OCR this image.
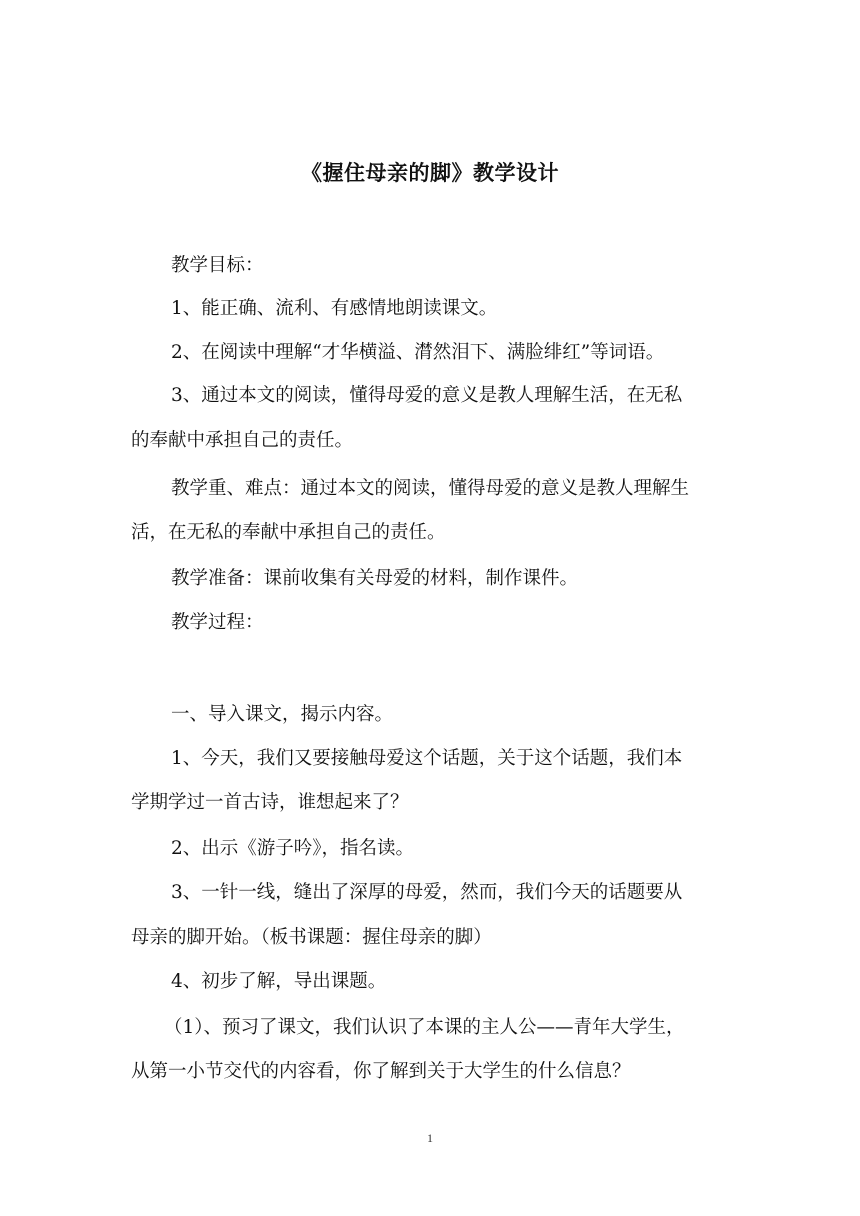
《握住母亲的脚》教学设计

教学目标：

1、能正确、流利、有感情地朗读课文。

2、在阅读中理解“才华横溢、潸然泪下、满脸绯红”等词语。

3、通过本文的阅读，懂得母爱的意义是教人理解生活，在无私

的奉献中承担自己的责任。

教学重、难点：通过本文的阅读，懂得母爱的意义是教人理解生

活，在无私的奉献中承担自己的责任。

教学准备：课前收集有关母爱的材料，制作课件。

教学过程：

一、导入课文，揭示内容。

1、今天，我们又要接触母爱这个话题，关于这个话题，我们本

学期学过一首古诗，谁想起来了？

2、出示《游子吟》，指名读。

3、一针一线，缝出了深厚的母爱，然而，我们今天的话题要从

母亲的脚开始。（板书课题：握住母亲的脚）

4、初步了解，导出课题。

（1）、预习了课文，我们认识了本课的主人公——青年大学生，

从第一小节交代的内容看，你了解到关于大学生的什么信息？

1
